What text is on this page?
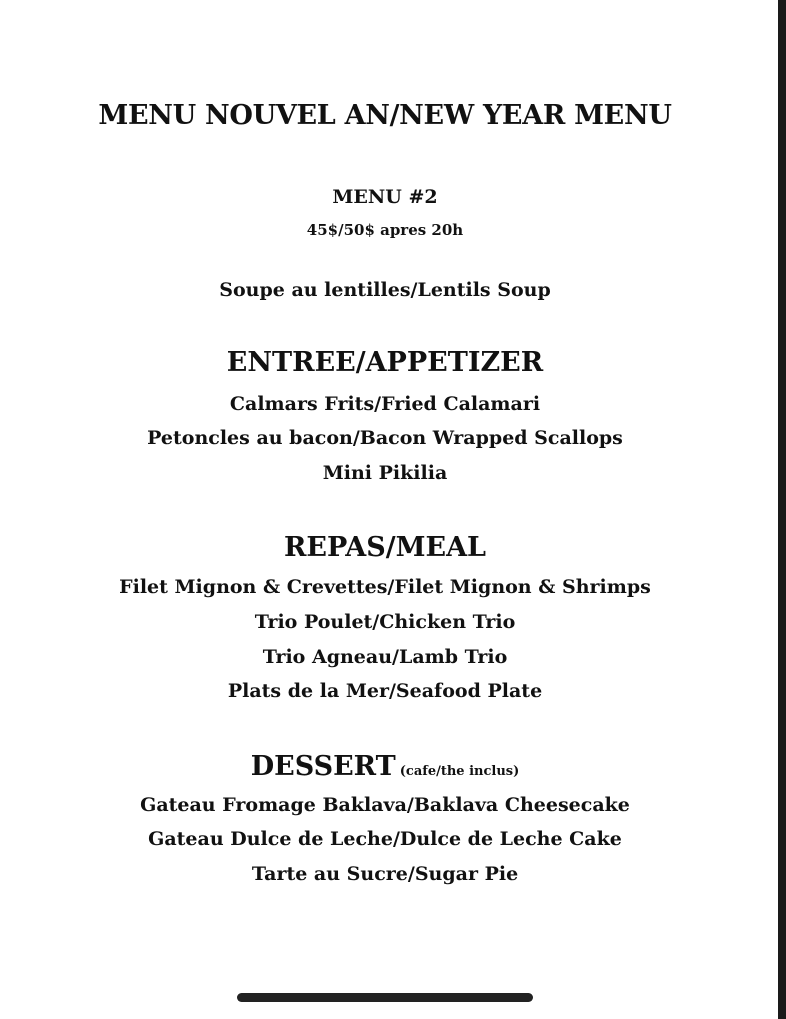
MENU NOUVEL AN/NEW YEAR MENU
MENU #2
45$/50$ apres 20h
Soupe au lentilles/Lentils Soup
ENTREE/APPETIZER
Calmars Frits/Fried Calamari
Petoncles au bacon/Bacon Wrapped Scallops
Mini Pikilia
REPAS/MEAL
Filet Mignon & Crevettes/Filet Mignon & Shrimps
Trio Poulet/Chicken Trio
Trio Agneau/Lamb Trio
Plats de la Mer/Seafood Plate
DESSERT (cafe/the inclus)
Gateau Fromage Baklava/Baklava Cheesecake
Gateau Dulce de Leche/Dulce de Leche Cake
Tarte au Sucre/Sugar Pie
